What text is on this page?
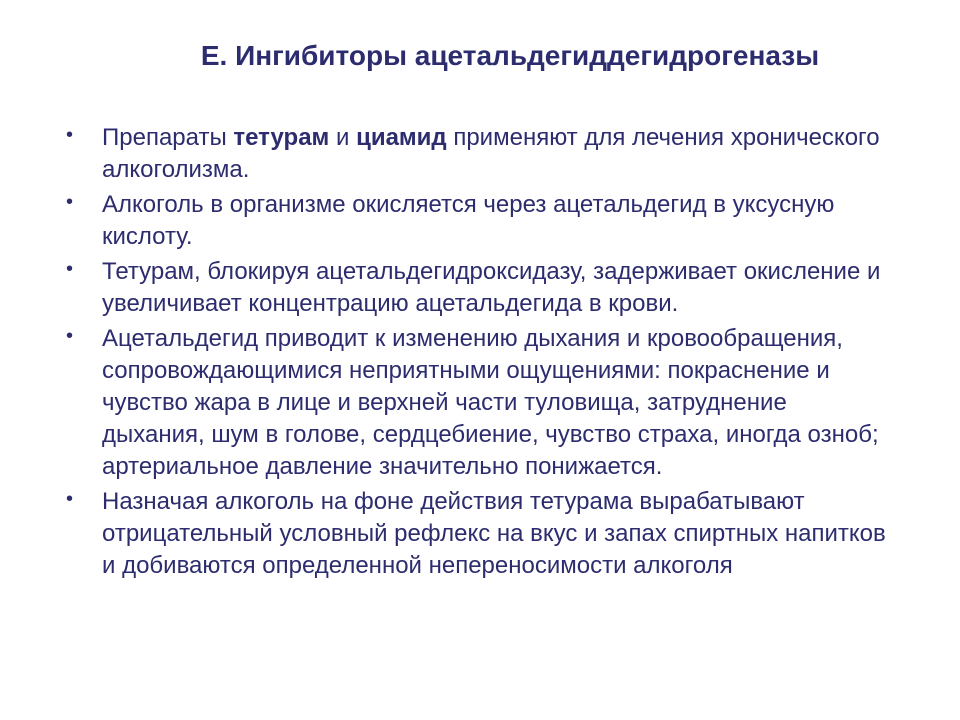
Е. Ингибиторы ацетальдегиддегидрогеназы
• Препараты тетурам и циамид применяют для лечения хронического алкоголизма.
• Алкоголь в организме окисляется через ацетальдегид в уксусную кислоту.
• Тетурам, блокируя ацетальдегидроксидазу, задерживает окисление и увеличивает концентрацию ацетальдегида в крови.
• Ацетальдегид приводит к изменению дыхания и кровообращения, сопровождающимися неприятными ощущениями: покраснение и чувство жара в лице и верхней части туловища, затруднение дыхания, шум в голове, сердцебиение, чувство страха, иногда озноб; артериальное давление значительно понижается.
• Назначая алкоголь на фоне действия тетурама вырабатывают отрицательный условный рефлекс на вкус и запах спиртных напитков и добиваются определенной непереносимости алкоголя
